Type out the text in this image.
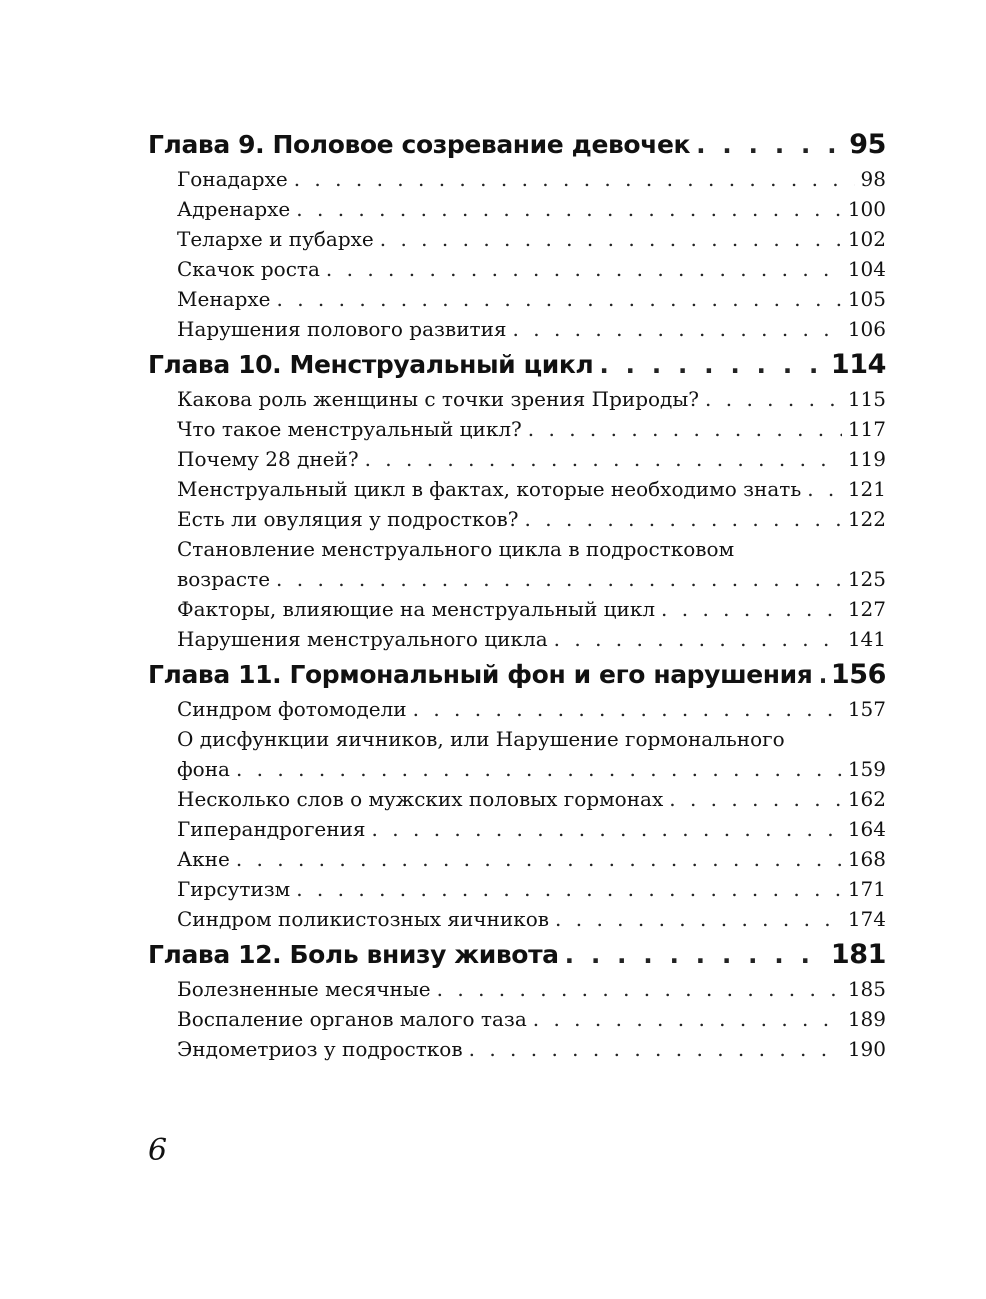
Глава 9. Половое созревание девочек . . .	95
Гонадархе . . .	98
Адренархе . . .	100
Телархе и пубархе . . .	102
Скачок роста . . .	104
Менархе . . .	105
Нарушения полового развития . . .	106
Глава 10. Менструальный цикл . . .	114
Какова роль женщины с точки зрения Природы? . . .	115
Что такое менструальный цикл? . . .	117
Почему 28 дней? . . .	119
Менструальный цикл в фактах, которые необходимо знать . . . 121
Есть ли овуляция у подростков? . . .	122
Становление менструального цикла в подростковом
возрасте . . .	125
Факторы, влияющие на менструальный цикл . . .	127
Нарушения менструального цикла . . .	141
Глава 11. Гормональный фон и его нарушения . . . 156
Синдром фотомодели . . .	157
О дисфункции яичников, или Нарушение гормонального
фона . . .	159
Несколько слов о мужских половых гормонах . . .	162
Гиперандрогения . . .	164
Акне . . .	168
Гирсутизм . . .	171
Синдром поликистозных яичников . . .	174
Глава 12. Боль внизу живота . . .	181
Болезненные месячные . . .	185
Воспаление органов малого таза . . .	189
Эндометриоз у подростков . . .	190
6
